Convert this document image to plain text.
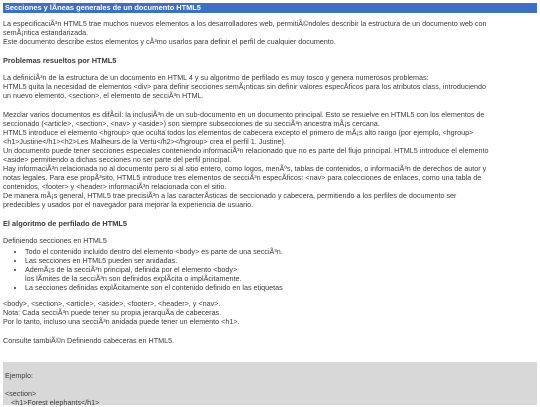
Secciones y lÃneas generales de un documento HTML5

La especificaciÃ³n HTML5 trae muchos nuevos elementos a los desarrolladores web, permitiÃ©ndoles describir la estructura de un documento web con

semÃ¡ntica estandarizada.

Este documento describe estos elementos y cÃ³mo usarlos para definir el perfil de cualquier documento.

Problemas resueltos por HTML5

La definiciÃ³n de la estructura de un documento en HTML 4 y su algoritmo de perfilado es muy tosco y genera numerosos problemas:

HTML5 quita la necesidad de elementos <div> para definir secciones semÃ¡nticas sin definir valores especÃficos para los atributos class, introduciendo

un nuevo elemento, <section>, el elemento de secciÃ³n HTML.

Mezclar varios documentos es difÃcil: la inclusiÃ³n de un sub-documento en un documento principal. Esto se resuelve en HTML5 con los elementos de

seccionado (<article>, <section>, <nav> y <aside>) son siempre subsecciones de su secciÃ³n ancestra mÃ¡s cercana.

HTML5 introduce el elemento <hgroup> que oculta todos los elementos de cabecera excepto el primero de mÃ¡s alto rango (por ejemplo, <hgroup>

<h1>Justine</h1><h2>Les Malheurs de la Vertu</h2></hgroup> crea el perfil 1. Justine).

Un documento puede tener secciones especiales conteniendo informaciÃ³n relacionado que no es parte del flujo principal. HTML5 introduce el elemento

<aside> permitiendo a dichas secciones no ser parte del perfil principal.

Hay informaciÃ³n relacionada no al documento pero si al sitio entero, como logos, menÃºs, tablas de contenidos, o informaciÃ³n de derechos de autor y

notas legales. Para ese propÃ³sito, HTML5 introduce tres elementos de secciÃ³n especÃficos: <nav> para colecciones de enlaces, como una tabla de

contenidos, <footer> y <header> informaciÃ³n relacionada con el sitio.

De manera mÃ¡s general, HTML5 trae precisiÃ³n a las caracterÃsticas de seccionado y cabecera, permitiendo a los perfiles de documento ser

predecibles y usados por el navegador para mejorar la experiencia de usuario.

El algoritmo de perfilado de HTML5

Definiendo secciones en HTML5

• Todo el contenido incluido dentro del elemento <body> es parte de una secciÃ³n.
• Las secciones en HTML5 pueden ser anidadas.
• AdemÃ¡s de la secciÃ³n principal, definida por el elemento <body>
los lÃmites de la secciÃ³n son definidos explÃcita o implÃcitamente.
• La secciones definidas explÃcitamente son el contenido definido en las etiquetas

<body>, <section>, <article>, <aside>, <footer>, <header>, y <nav>.

Nota: Cada secciÃ³n puede tener su propia jerarquÃa de cabeceras.

Por lo tanto, incluso una secciÃ³n anidada puede tener un elemento <h1>.

Consulte tambiÃ©n Definiendo cabeceras en HTML5.

Ejemplo:

<section>

<h1>Forest elephants</h1>
